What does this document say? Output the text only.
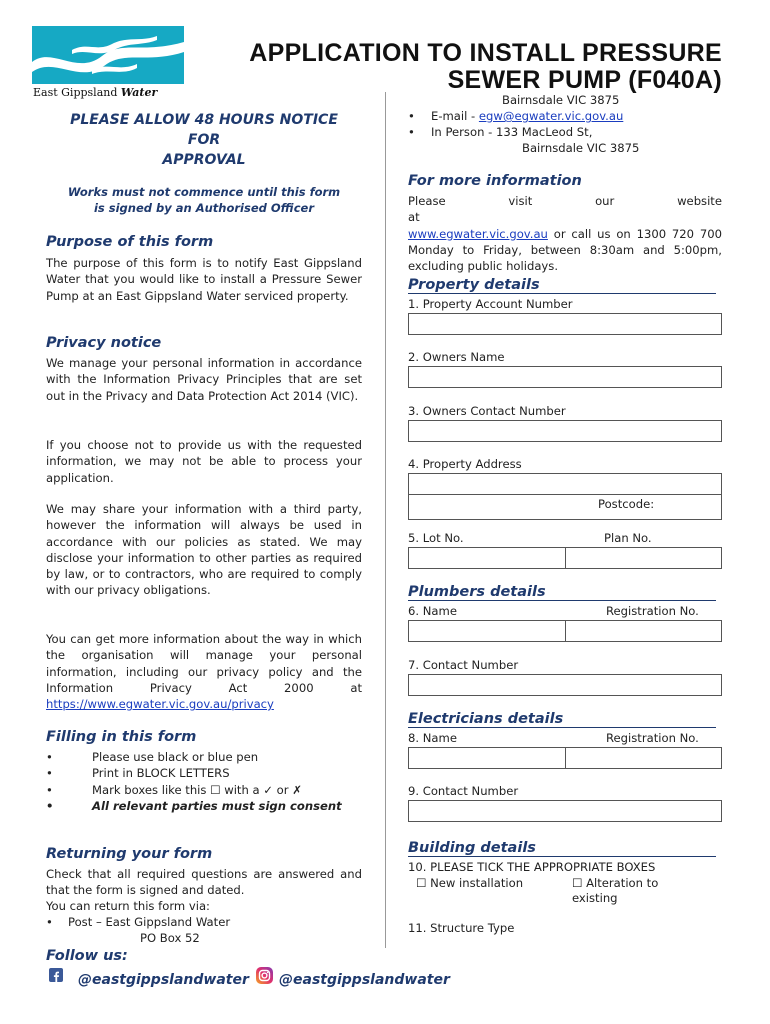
East Gippsland Water
APPLICATION TO INSTALL PRESSURE
SEWER PUMP (F040A)
PLEASE ALLOW 48 HOURS NOTICE
FOR
APPROVAL
Works must not commence until this form
is signed by an Authorised Officer
Purpose of this form
The purpose of this form is to notify East Gippsland Water that you would like to install a Pressure Sewer Pump at an East Gippsland Water serviced property.
Privacy notice
We manage your personal information in accordance with the Information Privacy Principles that are set out in the Privacy and Data Protection Act 2014 (VIC).
If you choose not to provide us with the requested information, we may not be able to process your application.
We may share your information with a third party, however the information will always be used in accordance with our policies as stated. We may disclose your information to other parties as required by law, or to contractors, who are required to comply with our privacy obligations.
You can get more information about the way in which the organisation will manage your personal information, including our privacy policy and the Information Privacy Act 2000 at https://www.egwater.vic.gov.au/privacy
Filling in this form
• Please use black or blue pen
• Print in BLOCK LETTERS
• Mark boxes like this ☐ with a ✓ or ✗
• All relevant parties must sign consent
Returning your form
Check that all required questions are answered and that the form is signed and dated.
You can return this form via:
• Post – East Gippsland Water
PO Box 52
Follow us:
@eastgippslandwater @eastgippslandwater
Bairnsdale VIC 3875
• E-mail - egw@egwater.vic.gov.au
• In Person - 133 MacLeod St,
Bairnsdale VIC 3875
For more information
Please visit our website at
www.egwater.vic.gov.au or call us on 1300 720 700 Monday to Friday, between 8:30am and 5:00pm, excluding public holidays.
Property details
1. Property Account Number
2. Owners Name
3. Owners Contact Number
4. Property Address
Postcode:
5. Lot No.	Plan No.
Plumbers details
6. Name	Registration No.
7. Contact Number
Electricians details
8. Name	Registration No.
9. Contact Number
Building details
10. PLEASE TICK THE APPROPRIATE BOXES
☐ New installation	☐ Alteration to
existing
11. Structure Type
